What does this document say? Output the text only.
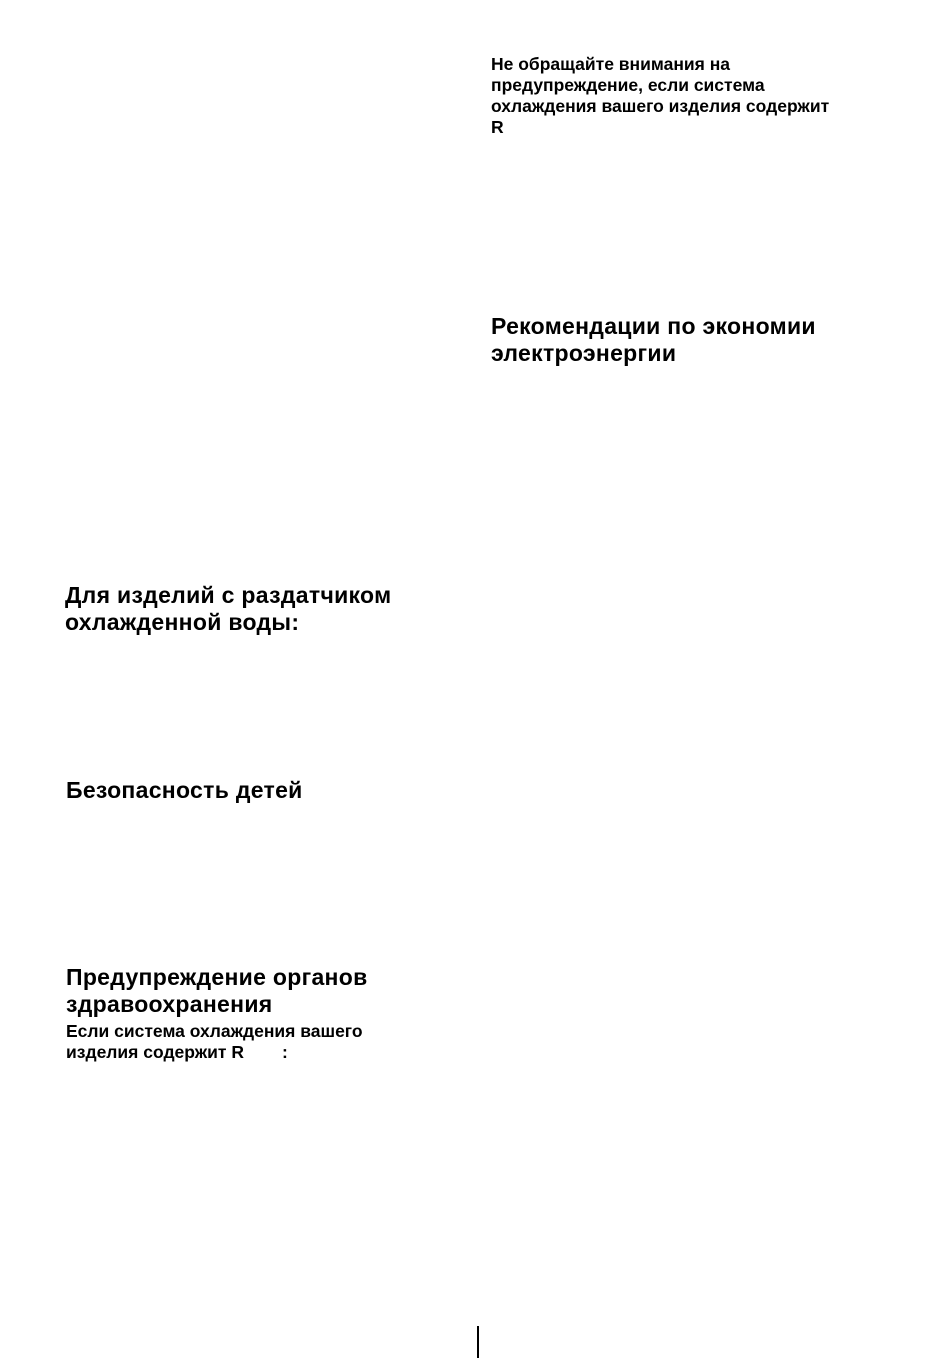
Не обращайте внимания на
предупреждение, если система
охлаждения вашего изделия содержит
R
Рекомендации по экономии
электроэнергии
Для изделий с раздатчиком
охлажденной воды:
Безопасность детей
Предупреждение органов
здравоохранения
Если система охлаждения вашего
изделия содержит R :
